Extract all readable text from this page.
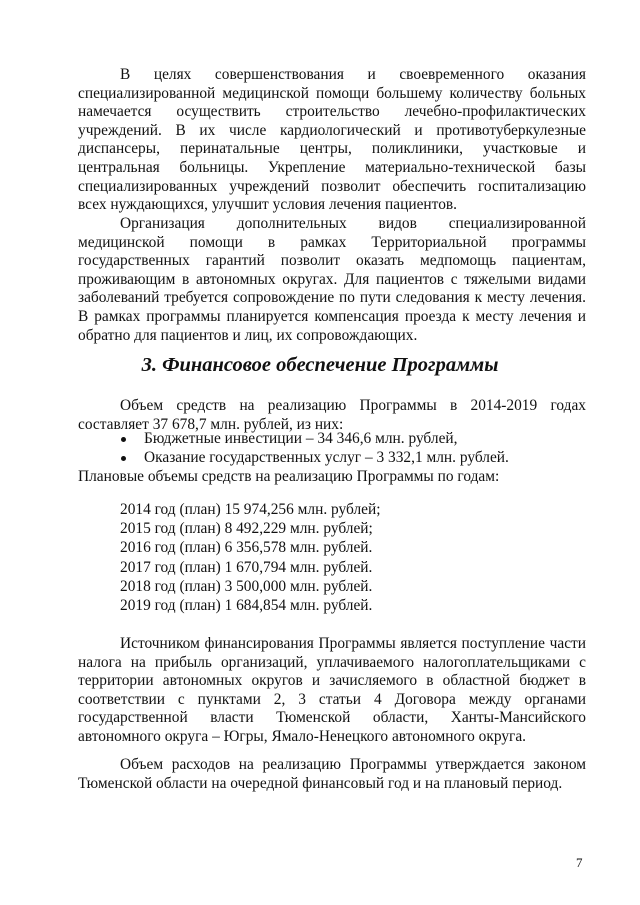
В целях совершенствования и своевременного оказания специализированной медицинской помощи большему количеству больных намечается осуществить строительство лечебно-профилактических учреждений. В их числе кардиологический и противотуберкулезные диспансеры, перинатальные центры, поликлиники, участковые и центральная больницы. Укрепление материально-технической базы специализированных учреждений позволит обеспечить госпитализацию всех нуждающихся, улучшит условия лечения пациентов.

Организация дополнительных видов специализированной медицинской помощи в рамках Территориальной программы государственных гарантий позволит оказать медпомощь пациентам, проживающим в автономных округах. Для пациентов с тяжелыми видами заболеваний требуется сопровождение по пути следования к месту лечения. В рамках программы планируется компенсация проезда к месту лечения и обратно для пациентов и лиц, их сопровождающих.

3. Финансовое обеспечение Программы

Объем средств на реализацию Программы в 2014-2019 годах составляет 37 678,7 млн. рублей, из них:

Бюджетные инвестиции – 34 346,6 млн. рублей,
Оказание государственных услуг – 3 332,1 млн. рублей.

Плановые объемы средств на реализацию Программы по годам:

2014 год (план) 15 974,256 млн. рублей;
2015 год (план) 8 492,229 млн. рублей;
2016 год (план) 6 356,578 млн. рублей.
2017 год (план) 1 670,794 млн. рублей.
2018 год (план) 3 500,000 млн. рублей.
2019 год (план) 1 684,854 млн. рублей.

Источником финансирования Программы является поступление части налога на прибыль организаций, уплачиваемого налогоплательщиками с территории автономных округов и зачисляемого в областной бюджет в соответствии с пунктами 2, 3 статьи 4 Договора между органами государственной власти Тюменской области, Ханты-Мансийского автономного округа – Югры, Ямало-Ненецкого автономного округа.

Объем расходов на реализацию Программы утверждается законом Тюменской области на очередной финансовый год и на плановый период.

7
